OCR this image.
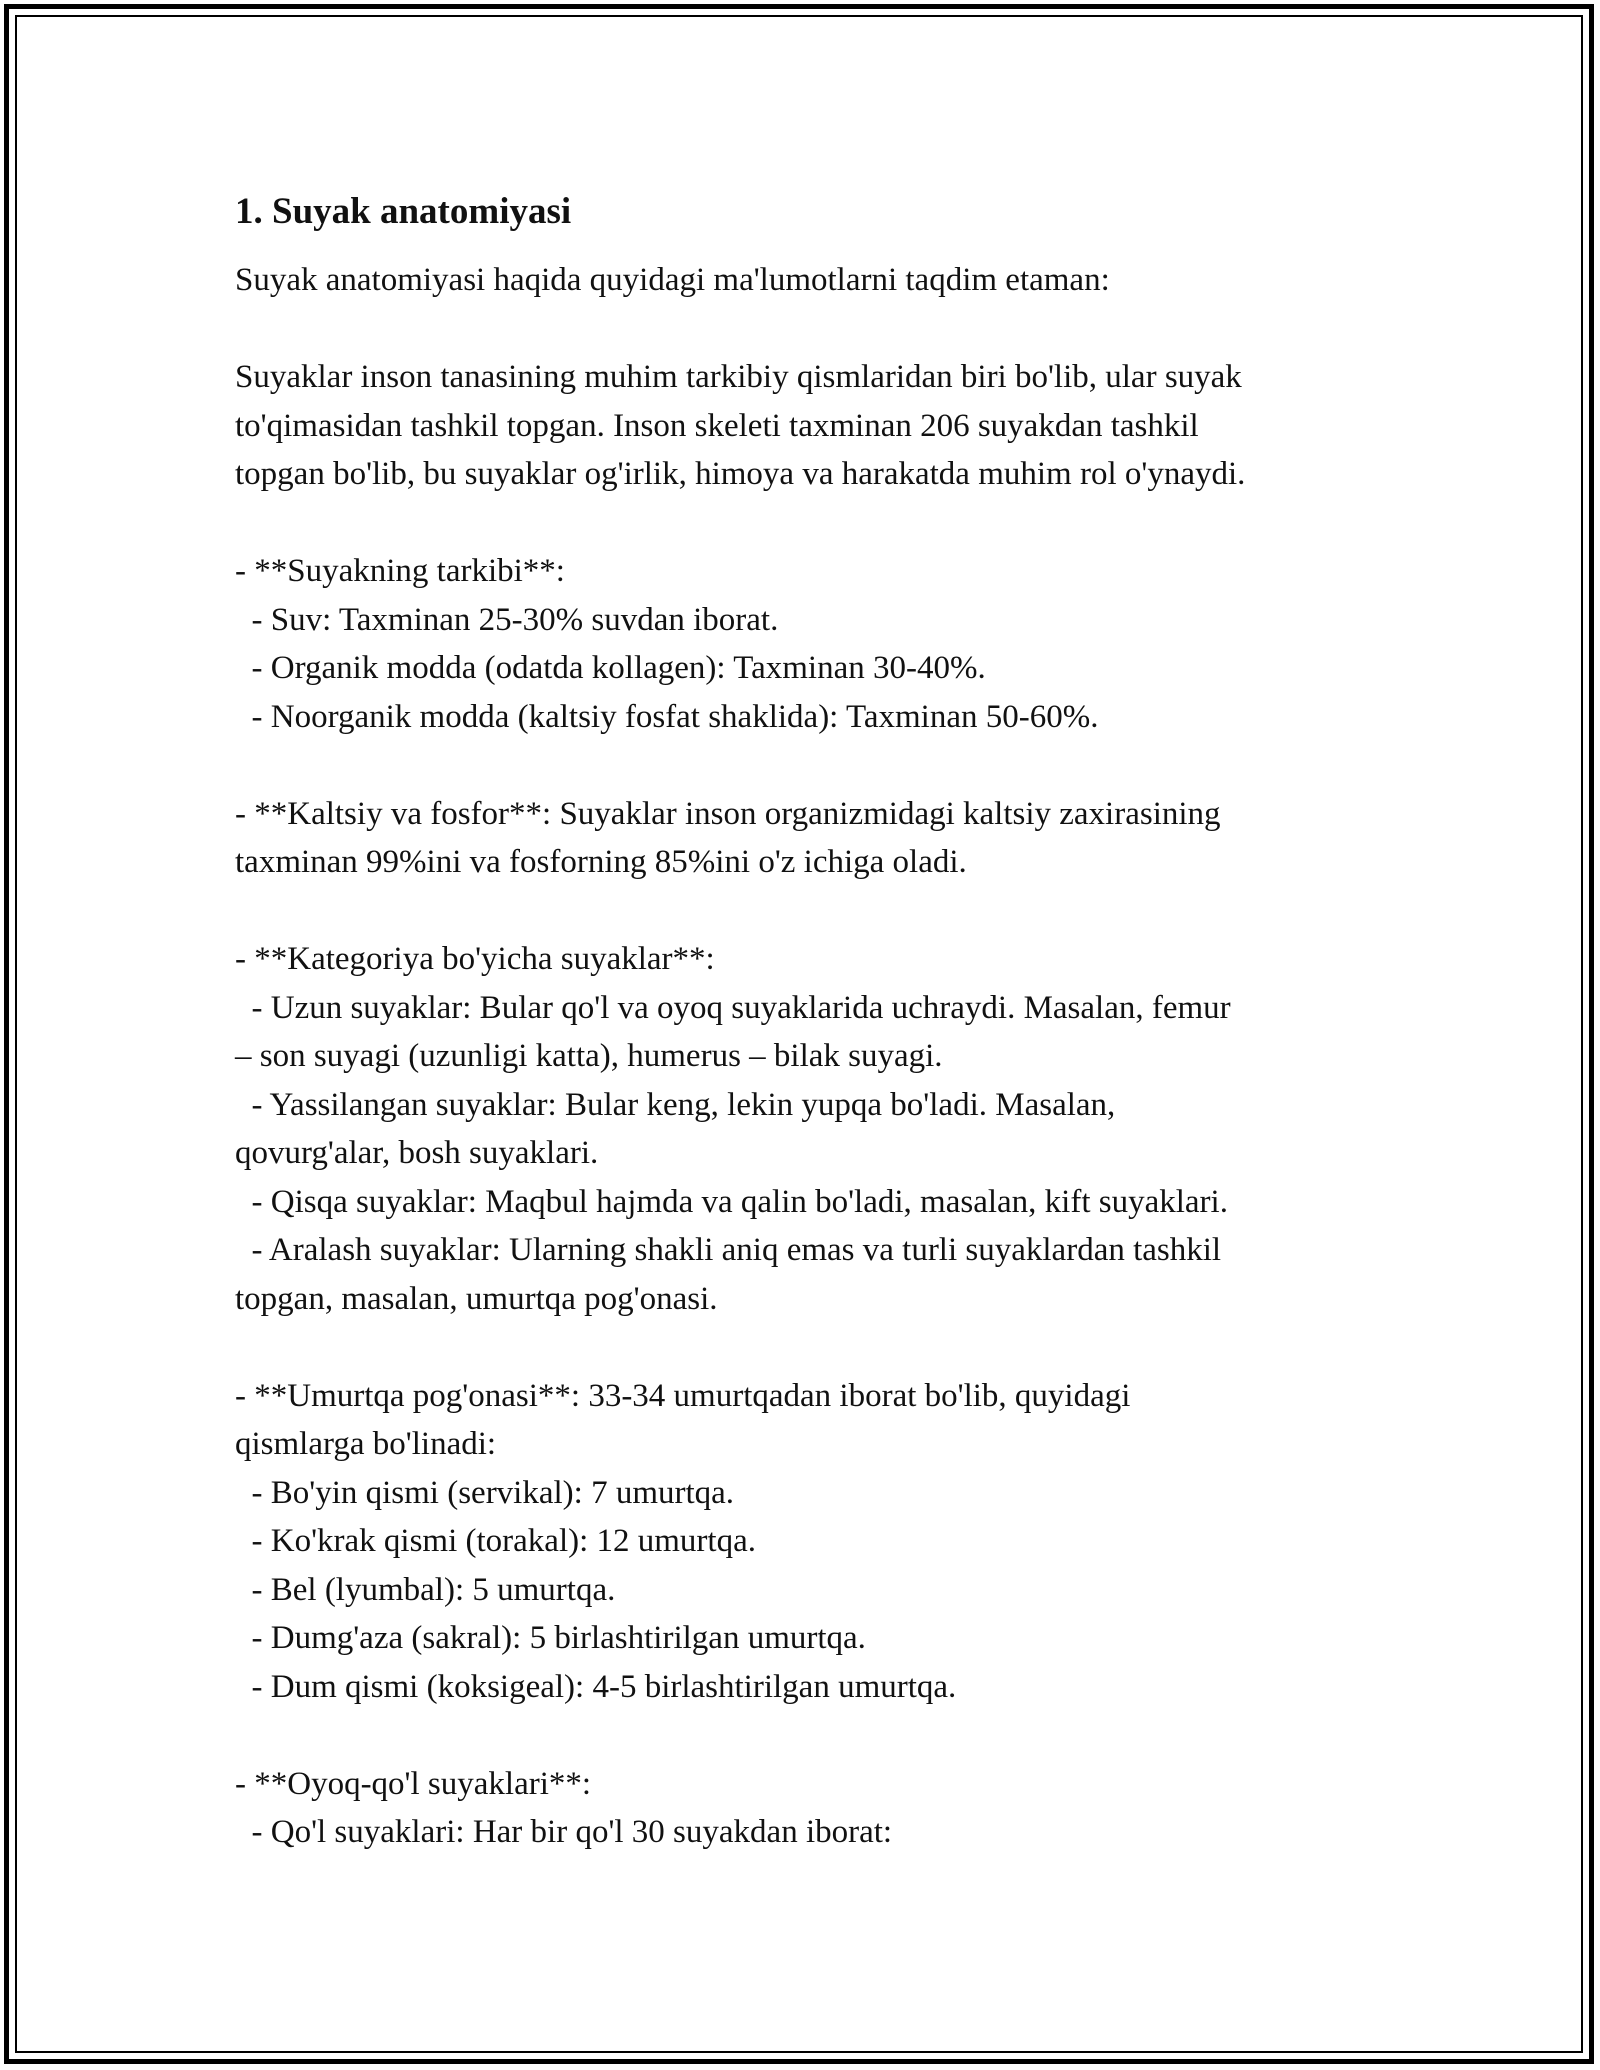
1. Suyak anatomiyasi

Suyak anatomiyasi haqida quyidagi ma'lumotlarni taqdim etaman:

Suyaklar inson tanasining muhim tarkibiy qismlaridan biri bo'lib, ular suyak

to'qimasidan tashkil topgan. Inson skeleti taxminan 206 suyakdan tashkil

topgan bo'lib, bu suyaklar og'irlik, himoya va harakatda muhim rol o'ynaydi.

- **Suyakning tarkibi**:

- Suv: Taxminan 25-30% suvdan iborat.

- Organik modda (odatda kollagen): Taxminan 30-40%.

- Noorganik modda (kaltsiy fosfat shaklida): Taxminan 50-60%.

- **Kaltsiy va fosfor**: Suyaklar inson organizmidagi kaltsiy zaxirasining

taxminan 99%ini va fosforning 85%ini o'z ichiga oladi.

- **Kategoriya bo'yicha suyaklar**:

- Uzun suyaklar: Bular qo'l va oyoq suyaklarida uchraydi. Masalan, femur

– son suyagi (uzunligi katta), humerus – bilak suyagi.

- Yassilangan suyaklar: Bular keng, lekin yupqa bo'ladi. Masalan,

qovurg'alar, bosh suyaklari.

- Qisqa suyaklar: Maqbul hajmda va qalin bo'ladi, masalan, kift suyaklari.

- Aralash suyaklar: Ularning shakli aniq emas va turli suyaklardan tashkil

topgan, masalan, umurtqa pog'onasi.

- **Umurtqa pog'onasi**: 33-34 umurtqadan iborat bo'lib, quyidagi

qismlarga bo'linadi:

- Bo'yin qismi (servikal): 7 umurtqa.

- Ko'krak qismi (torakal): 12 umurtqa.

- Bel (lyumbal): 5 umurtqa.

- Dumg'aza (sakral): 5 birlashtirilgan umurtqa.

- Dum qismi (koksigeal): 4-5 birlashtirilgan umurtqa.

- **Oyoq-qo'l suyaklari**:

- Qo'l suyaklari: Har bir qo'l 30 suyakdan iborat:
